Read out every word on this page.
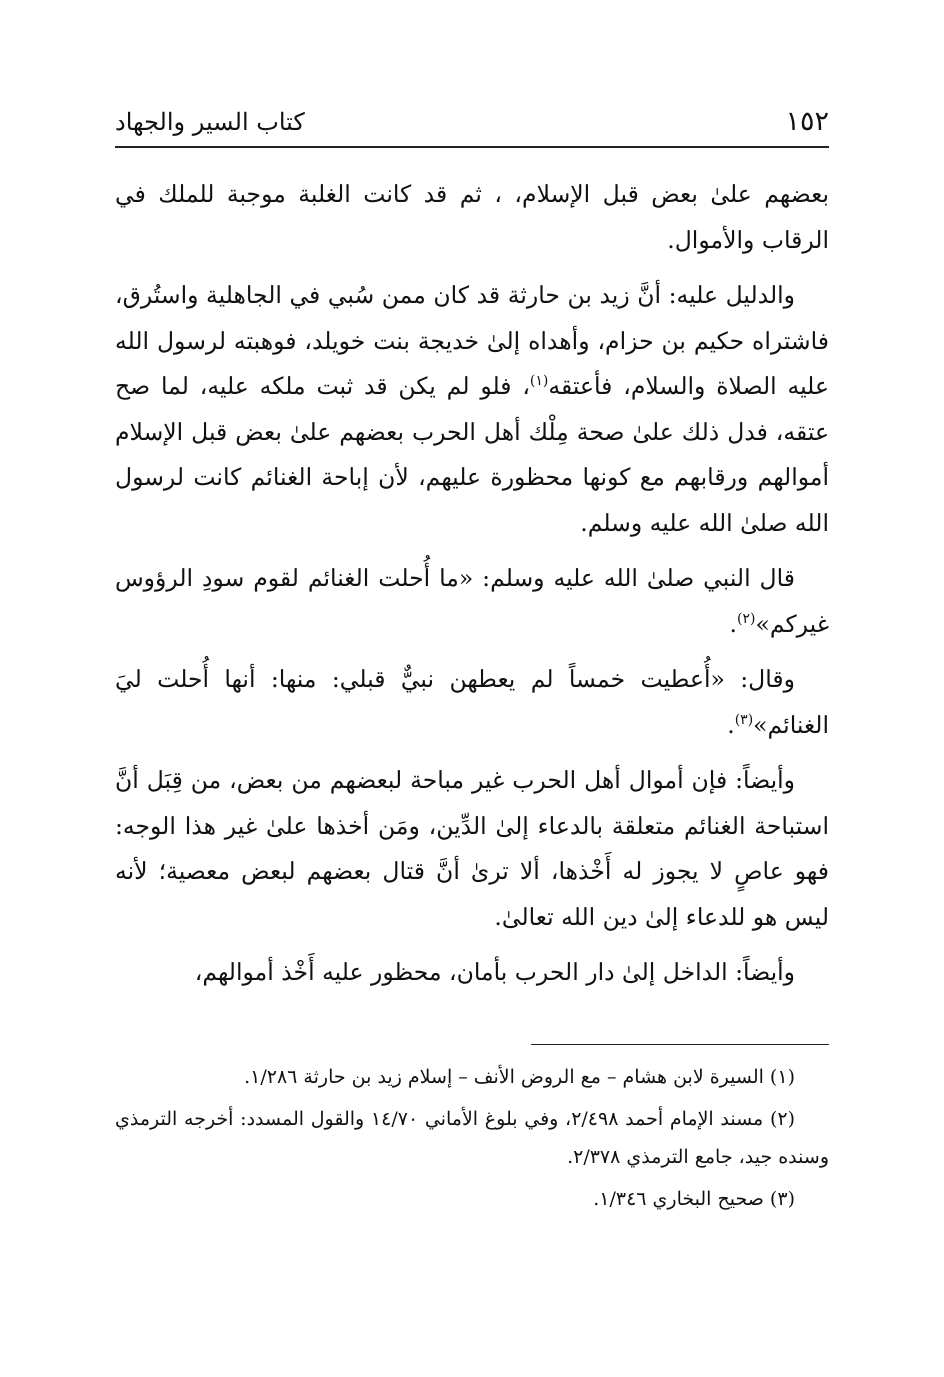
١٥٢
كتاب السير والجهاد

بعضهم علىٰ بعض قبل الإسلام، ، ثم قد كانت الغلبة موجبة للملك في الرقاب والأموال.

والدليل عليه: أنَّ زيد بن حارثة قد كان ممن سُبي في الجاهلية واستُرق، فاشتراه حكيم بن حزام، وأهداه إلىٰ خديجة بنت خويلد، فوهبته لرسول الله عليه الصلاة والسلام، فأعتقه$^{(١)}$، فلو لم يكن قد ثبت ملكه عليه، لما صح عتقه، فدل ذلك علىٰ صحة مِلْك أهل الحرب بعضهم علىٰ بعض قبل الإسلام أموالهم ورقابهم مع كونها محظورة عليهم، لأن إباحة الغنائم كانت لرسول الله صلىٰ الله عليه وسلم.

قال النبي صلىٰ الله عليه وسلم: «ما أُحلت الغنائم لقوم سودِ الرؤوس غيركم»$^{(٢)}$.

وقال: «أُعطيت خمساً لم يعطهن نبيٌّ قبلي: منها: أنها أُحلت ليَ الغنائم»$^{(٣)}$.

وأيضاً: فإن أموال أهل الحرب غير مباحة لبعضهم من بعض، من قِبَل أنَّ استباحة الغنائم متعلقة بالدعاء إلىٰ الدِّين، ومَن أخذها علىٰ غير هذا الوجه: فهو عاصٍ لا يجوز له أَخْذها، ألا ترىٰ أنَّ قتال بعضهم لبعض معصية؛ لأنه ليس هو للدعاء إلىٰ دين الله تعالىٰ.

وأيضاً: الداخل إلىٰ دار الحرب بأمان، محظور عليه أَخْذ أموالهم،

(١) السيرة لابن هشام – مع الروض الأنف – إسلام زيد بن حارثة ١/٢٨٦.

(٢) مسند الإمام أحمد ٢/٤٩٨، وفي بلوغ الأماني ١٤/٧٠ والقول المسدد: أخرجه الترمذي وسنده جيد، جامع الترمذي ٢/٣٧٨.

(٣) صحيح البخاري ١/٣٤٦.
